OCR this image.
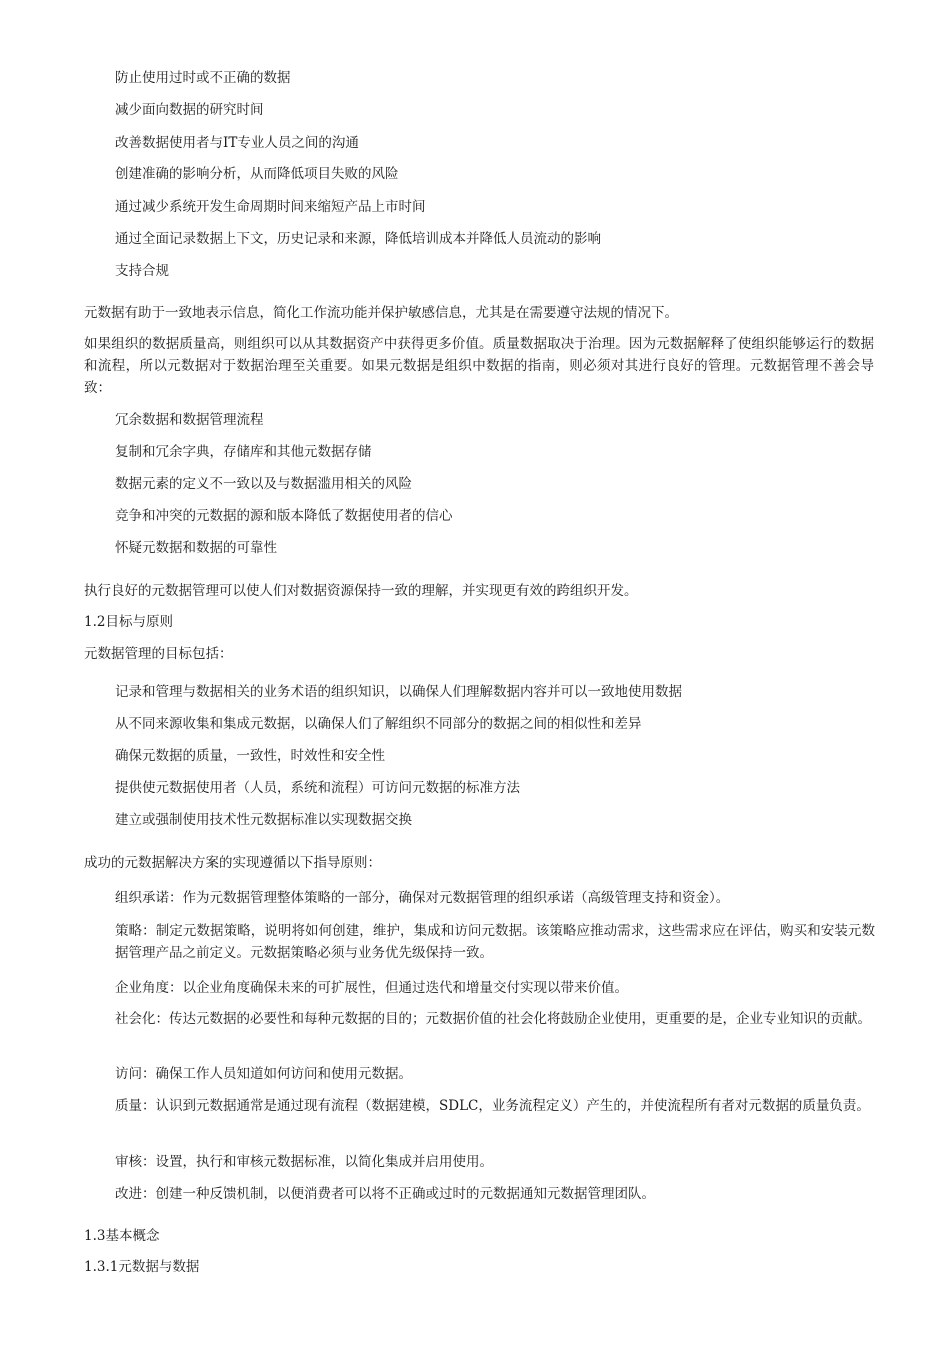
防止使用过时或不正确的数据
减少面向数据的研究时间
改善数据使用者与IT专业人员之间的沟通
创建准确的影响分析，从而降低项目失败的风险
通过减少系统开发生命周期时间来缩短产品上市时间
通过全面记录数据上下文，历史记录和来源，降低培训成本并降低人员流动的影响
支持合规
元数据有助于一致地表示信息，简化工作流功能并保护敏感信息，尤其是在需要遵守法规的情况下。
如果组织的数据质量高，则组织可以从其数据资产中获得更多价值。质量数据取决于治理。因为元数据解释了使组织能够运行的数据和流程，所以元数据对于数据治理至关重要。如果元数据是组织中数据的指南，则必须对其进行良好的管理。元数据管理不善会导致：
冗余数据和数据管理流程
复制和冗余字典，存储库和其他元数据存储
数据元素的定义不一致以及与数据滥用相关的风险
竞争和冲突的元数据的源和版本降低了数据使用者的信心
怀疑元数据和数据的可靠性
执行良好的元数据管理可以使人们对数据资源保持一致的理解，并实现更有效的跨组织开发。
1.2目标与原则
元数据管理的目标包括：
记录和管理与数据相关的业务术语的组织知识，以确保人们理解数据内容并可以一致地使用数据
从不同来源收集和集成元数据，以确保人们了解组织不同部分的数据之间的相似性和差异
确保元数据的质量，一致性，时效性和安全性
提供使元数据使用者（人员，系统和流程）可访问元数据的标准方法
建立或强制使用技术性元数据标准以实现数据交换
成功的元数据解决方案的实现遵循以下指导原则：
组织承诺：作为元数据管理整体策略的一部分，确保对元数据管理的组织承诺（高级管理支持和资金）。
策略：制定元数据策略，说明将如何创建，维护，集成和访问元数据。该策略应推动需求，这些需求应在评估，购买和安装元数据管理产品之前定义。元数据策略必须与业务优先级保持一致。
企业角度：以企业角度确保未来的可扩展性，但通过迭代和增量交付实现以带来价值。
社会化：传达元数据的必要性和每种元数据的目的；元数据价值的社会化将鼓励企业使用，更重要的是，企业专业知识的贡献。
访问：确保工作人员知道如何访问和使用元数据。
质量：认识到元数据通常是通过现有流程（数据建模，SDLC，业务流程定义）产生的，并使流程所有者对元数据的质量负责。
审核：设置，执行和审核元数据标准，以简化集成并启用使用。
改进：创建一种反馈机制，以便消费者可以将不正确或过时的元数据通知元数据管理团队。
1.3基本概念
1.3.1元数据与数据
